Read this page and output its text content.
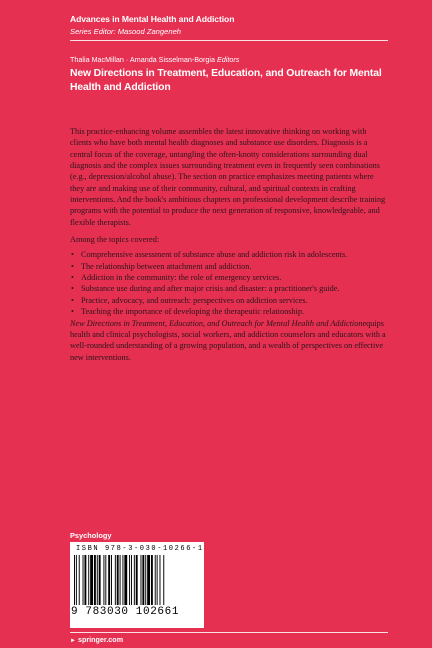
Advances in Mental Health and Addiction
Series Editor: Masood Zangeneh
Thalia MacMillan · Amanda Sisselman-Borgia Editors
New Directions in Treatment, Education, and Outreach for Mental Health and Addiction

This practice-enhancing volume assembles the latest innovative thinking on working with clients who have both mental health diagnoses and substance use disorders. Diagnosis is a central focus of the coverage, untangling the often-knotty considerations surrounding dual diagnosis and the complex issues surrounding treatment even in frequently seen combinations (e.g., depression/alcohol abuse). The section on practice emphasizes meeting patients where they are and making use of their community, cultural, and spiritual contexts in crafting interventions. And the book's ambitious chapters on professional development describe training programs with the potential to produce the next generation of responsive, knowledgeable, and flexible therapists.

Among the topics covered:

• Comprehensive assessment of substance abuse and addiction risk in adolescents.
• The relationship between attachment and addiction.
• Addiction in the community: the role of emergency services.
• Substance use during and after major crisis and disaster: a practitioner's guide.
• Practice, advocacy, and outreach: perspectives on addiction services.
• Teaching the importance of developing the therapeutic relationship.

New Directions in Treatment, Education, and Outreach for Mental Health and Addictionequips health and clinical psychologists, social workers, and addiction counselors and educators with a well-rounded understanding of a growing population, and a wealth of perspectives on effective new interventions.

Psychology
ISBN 978-3-030-10266-1
9 783030 102661
► springer.com
